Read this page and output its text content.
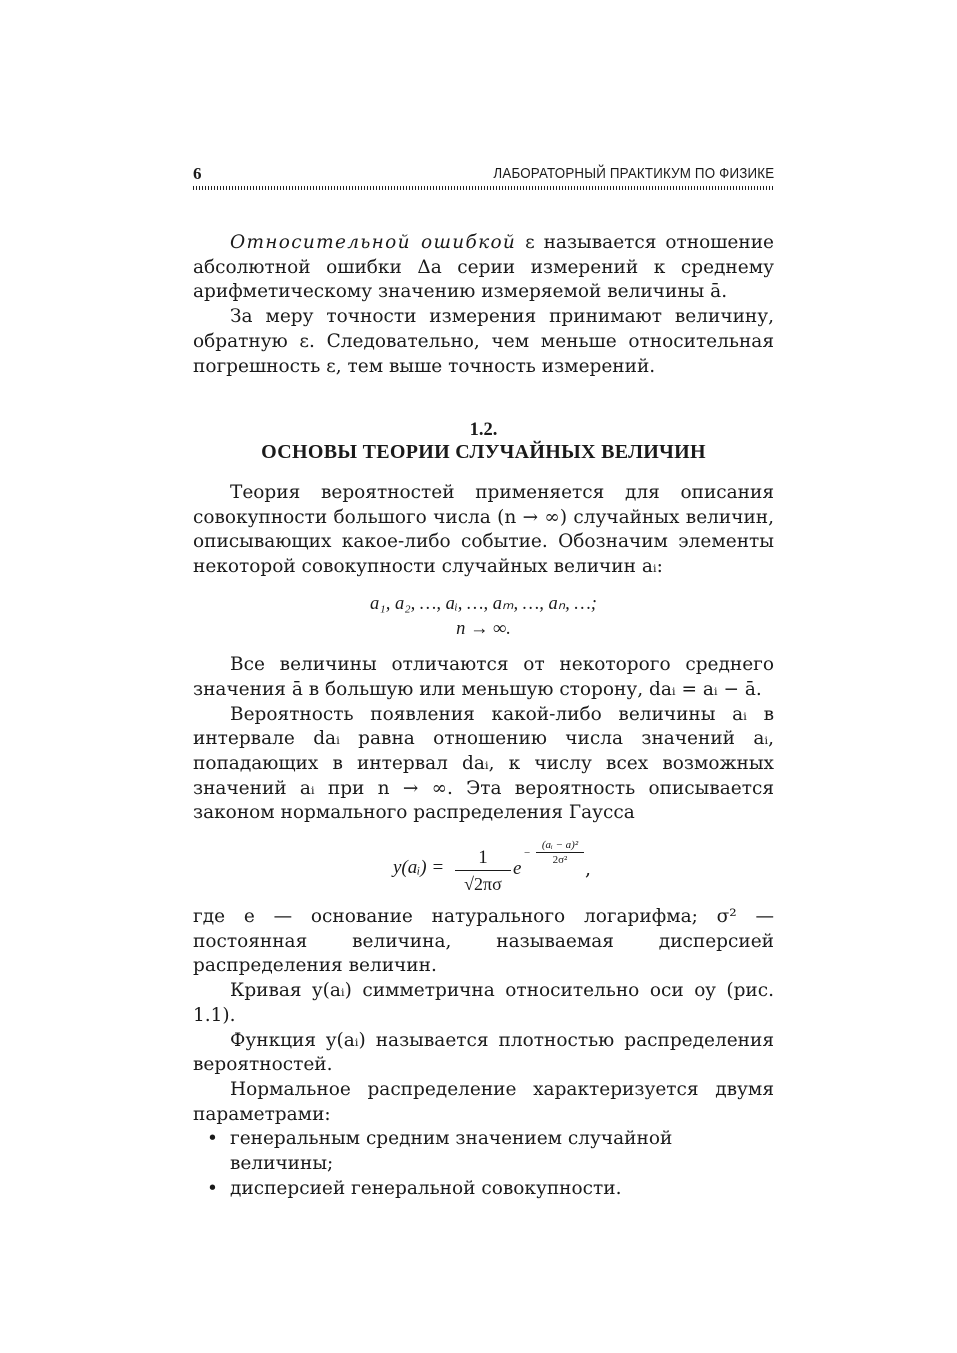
6	ЛАБОРАТОРНЫЙ ПРАКТИКУМ ПО ФИЗИКЕ

Относительной ошибкой ε называется отношение абсолютной ошибки Δa серии измерений к среднему арифметическому значению измеряемой величины ā.

За меру точности измерения принимают величину, обратную ε. Следовательно, чем меньше относительная погрешность ε, тем выше точность измерений.

1.2.
ОСНОВЫ ТЕОРИИ СЛУЧАЙНЫХ ВЕЛИЧИН

Теория вероятностей применяется для описания совокупности большого числа (n → ∞) случайных величин, описывающих какое-либо событие. Обозначим элементы некоторой совокупности случайных величин aᵢ:

a₁, a₂, …, aᵢ, …, aₘ, …, aₙ, …;
n → ∞.

Все величины отличаются от некоторого среднего значения ā в большую или меньшую сторону, daᵢ = aᵢ − ā.

Вероятность появления какой-либо величины aᵢ в интервале daᵢ равна отношению числа значений aᵢ, попадающих в интервал daᵢ, к числу всех возможных значений aᵢ при n → ∞. Эта вероятность описывается законом нормального распределения Гаусса

y(aᵢ) =	1
√2πσ
e
−
(aᵢ − a)²
2σ² ,

где e — основание натурального логарифма; σ² — постоянная величина, называемая дисперсией распределения величин.

Кривая y(aᵢ) симметрична относительно оси oy (рис. 1.1).

Функция y(aᵢ) называется плотностью распределения вероятностей.

Нормальное распределение характеризуется двумя параметрами:

• генеральным средним значением случайной величины;
• дисперсией генеральной совокупности.
